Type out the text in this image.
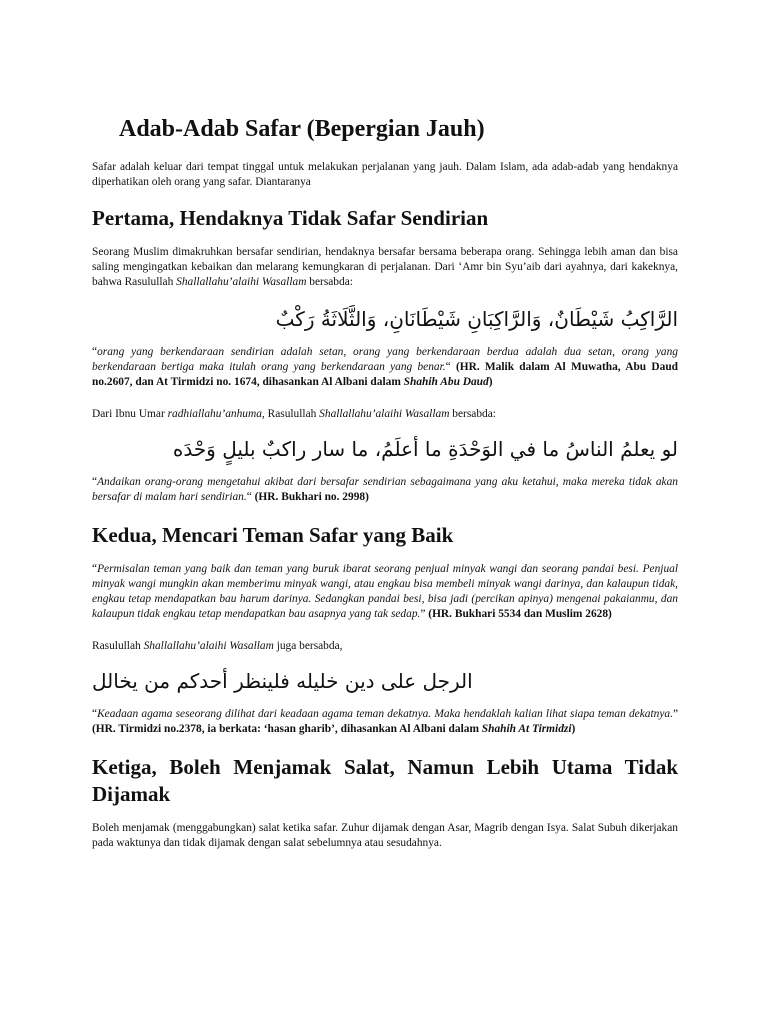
Adab-Adab Safar (Bepergian Jauh)

Safar adalah keluar dari tempat tinggal untuk melakukan perjalanan yang jauh. Dalam Islam, ada adab-adab yang hendaknya diperhatikan oleh orang yang safar. Diantaranya

Pertama, Hendaknya Tidak Safar Sendirian

Seorang Muslim dimakruhkan bersafar sendirian, hendaknya bersafar bersama beberapa orang. Sehingga lebih aman dan bisa saling mengingatkan kebaikan dan melarang kemungkaran di perjalanan. Dari ‘Amr bin Syu’aib dari ayahnya, dari kakeknya, bahwa Rasulullah Shallallahu’alaihi Wasallam bersabda:

الرَّاكِبُ شَيْطَانٌ، وَالرَّاكِبَانِ شَيْطَانَانِ، وَالثَّلَاثَةُ رَكْبٌ

“orang yang berkendaraan sendirian adalah setan, orang yang berkendaraan berdua adalah dua setan, orang yang berkendaraan bertiga maka itulah orang yang berkendaraan yang benar.“ (HR. Malik dalam Al Muwatha, Abu Daud no.2607, dan At Tirmidzi no. 1674, dihasankan Al Albani dalam Shahih Abu Daud)

Dari Ibnu Umar radhiallahu’anhuma, Rasulullah Shallallahu’alaihi Wasallam bersabda:

لو يعلمُ الناسُ ما في الوَحْدَةِ ما أعلَمُ، ما سار راكبٌ بليلٍ وَحْدَه

“Andaikan orang-orang mengetahui akibat dari bersafar sendirian sebagaimana yang aku ketahui, maka mereka tidak akan bersafar di malam hari sendirian.“ (HR. Bukhari no. 2998)

Kedua, Mencari Teman Safar yang Baik

“Permisalan teman yang baik dan teman yang buruk ibarat seorang penjual minyak wangi dan seorang pandai besi. Penjual minyak wangi mungkin akan memberimu minyak wangi, atau engkau bisa membeli minyak wangi darinya, dan kalaupun tidak, engkau tetap mendapatkan bau harum darinya. Sedangkan pandai besi, bisa jadi (percikan apinya) mengenai pakaianmu, dan kalaupun tidak engkau tetap mendapatkan bau asapnya yang tak sedap.” (HR. Bukhari 5534 dan Muslim 2628)

Rasulullah Shallallahu’alaihi Wasallam juga bersabda,

الرجل على دين خليله فلينظر أحدكم من يخالل

“Keadaan agama seseorang dilihat dari keadaan agama teman dekatnya. Maka hendaklah kalian lihat siapa teman dekatnya.” (HR. Tirmidzi no.2378, ia berkata: ‘hasan gharib’, dihasankan Al Albani dalam Shahih At Tirmidzi)

Ketiga, Boleh Menjamak Salat, Namun Lebih Utama Tidak Dijamak

Boleh menjamak (menggabungkan) salat ketika safar. Zuhur dijamak dengan Asar, Magrib dengan Isya. Salat Subuh dikerjakan pada waktunya dan tidak dijamak dengan salat sebelumnya atau sesudahnya.
